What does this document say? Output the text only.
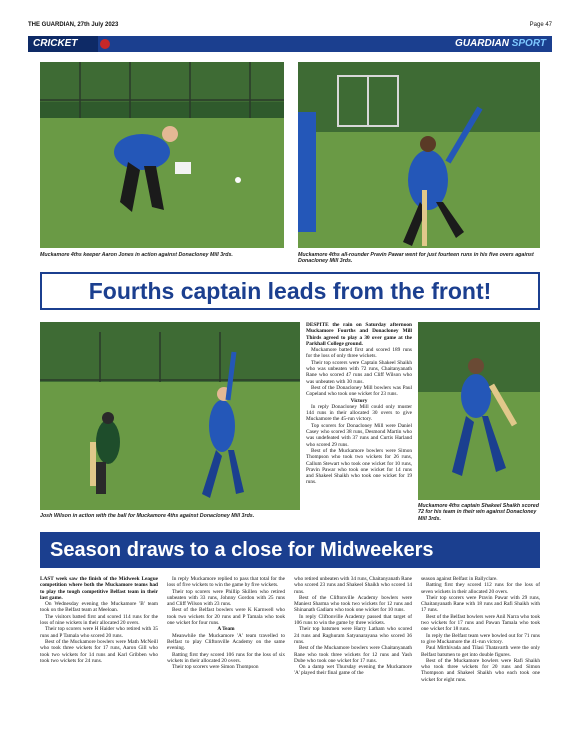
THE GUARDIAN, 27th July 2023	Page 47
CRICKET	GUARDIAN SPORT
Muckamore 4ths keeper Aaron Jones in action against Donacloney Mill 3rds.	Muckamore 4ths all-rounder Pravin Pawar went for just fourteen runs in his five overs against Donacloney Mill 3rds.
Fourths captain leads from the front!
Josh Wilson in action with the ball for Muckamore 4ths against Donacloney Mill 3rds.

DESPITE the rain on Saturday afternoon Muckamore Fourths and Donacloney Mill Thirds agreed to play a 30 over game at the Parkhall College ground.

Muckamore batted first and scored 189 runs for the loss of only three wickets.

Their top scorers were Captain Shakeel Shaikh who was unbeaten with 72 runs, Chaitanyanath Rane who scored 47 runs and Cliff Wilson who was unbeaten with 30 runs.

Best of the Donacloney Mill bowlers was Paul Copeland who took one wicket for 23 runs.

Victory

In reply Donacloney Mill could only muster 144 runs in their allocated 30 overs to give Muckamore the 45-run victory.

Top scorers for Donacloney Mill were Daniel Casey who scored 38 runs, Desmond Martin who was undefeated with 37 runs and Curtis Harland who scored 29 runs.

Best of the Muckamore bowlers were Simon Thompson who took two wickets for 26 runs, Callum Stewart who took one wicket for 10 runs, Pravin Pawar who took one wicket for 14 runs and Shakeel Shaikh who took one wicket for 19 runs.

Muckamore 4ths captain Shakeel Shaikh scored 72 for his team in their win against Donacloney Mill 3rds.
Season draws to a close for Midweekers

LAST week saw the finish of the Midweek League competition where both the Muckamore teams had to play the tough competitive Belfast team in their last game.

On Wednesday evening the Muckamore 'B' team took on the Belfast team at Meeloan.

The visitors batted first and scored 114 runs for the loss of nine wickets in their allocated 20 overs.

Their top scorers were H Haider who retired with 35 runs and P Tamala who scored 20 runs.

Best of the Muckamore bowlers were Math McNeill who took three wickets for 17 runs, Aaron Gill who took two wickets for 14 runs and Karl Gribben who took two wickets for 24 runs.

In reply Muckamore replied to pass that total for the loss of five wickets to win the game by five wickets.

Their top scorers were Phillip Skillen who retired unbeaten with 33 runs, Johnny Gordon with 25 runs and Cliff Wilson with 23 runs.

Best of the Belfast bowlers were K Karnwell who took two wickets for 20 runs and P Tamala who took one wicket for four runs.

A Team

Meanwhile the Muckamore 'A' team travelled to Belfast to play Cliftonville Academy on the same evening.

Batting first they scored 106 runs for the loss of six wickets in their allocated 20 overs.

Their top scorers were Simon Thompson

who retired unbeaten with 34 runs, Chaitanyanath Rane who scored 23 runs and Shakeel Shaikh who scored 14 runs.

Best of the Cliftonville Academy bowlers were Maniest Sharma who took two wickets for 12 runs and Shinanath Gadiam who took one wicket for 10 runs.

In reply Cliftonville Academy passed that target of 106 runs to win the game by three wickets.

Their top batsmen were Harry Latham who scored 24 runs and Raghuram Satyanarayana who scored 36 runs.

Best of the Muckamore bowlers were Chaitanyanath Rane who took three wickets for 12 runs and Yash Dube who took one wicket for 17 runs.

On a damp wet Thursday evening the Muckamore 'A' played their final game of the

season against Belfast in Ballyclare.

Batting first they scored 112 runs for the loss of seven wickets in their allocated 20 overs.

Their top scorers were Pravin Pawar with 29 runs, Chaitanyanath Rane with 18 runs and Rafi Shaikh with 17 runs.

Best of the Belfast bowlers were Anil Narra who took two wickets for 17 runs and Pawan Tamala who took one wicket for 18 runs.

In reply the Belfast team were bowled out for 71 runs to give Muckamore the 41-run victory.

Paul Mirthivada and Tilasi Thatavarth were the only Belfast batsmen to get into double figures.

Best of the Muckamore bowlers were Rafi Shaikh who took three wickets for 20 runs and Simon Thompson and Shakeel Shaikh who each took one wicket for eight runs.
